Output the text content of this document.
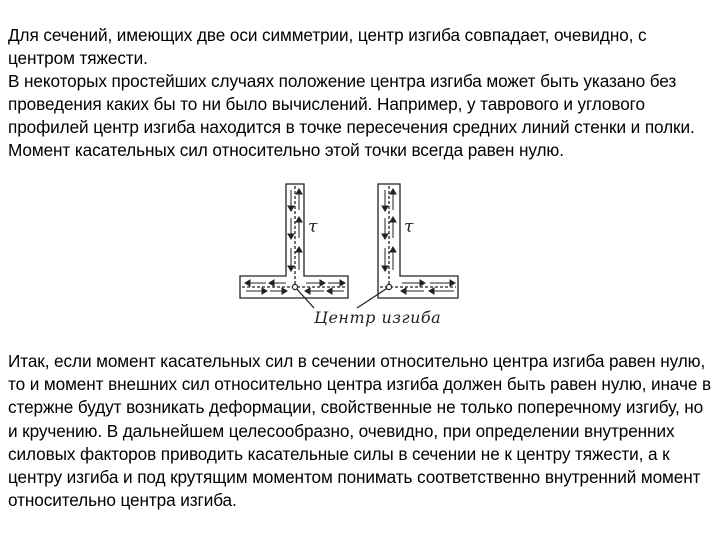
Для сечений, имеющих две оси симметрии, центр изгиба совпадает, очевидно, с центром тяжести.

В некоторых простейших случаях положение центра изгиба может быть указано без проведения каких бы то ни было вычислений. Например, у таврового и углового профилей центр изгиба находится в точке пересечения средних линий стенки и полки. Момент касательных сил относительно этой точки всегда равен нулю.

τ	τ
Центр изгиба

Итак, если момент касательных сил в сечении относительно центра изгиба равен нулю, то и момент внешних сил относительно центра изгиба должен быть равен нулю, иначе в стержне будут возникать деформации, свойственные не только поперечному изгибу, но и кручению. В дальнейшем целесообразно, очевидно, при определении внутренних силовых факторов приводить касательные силы в сечении не к центру тяжести, а к центру изгиба и под крутящим моментом понимать соответственно внутренний момент относительно центра изгиба.
